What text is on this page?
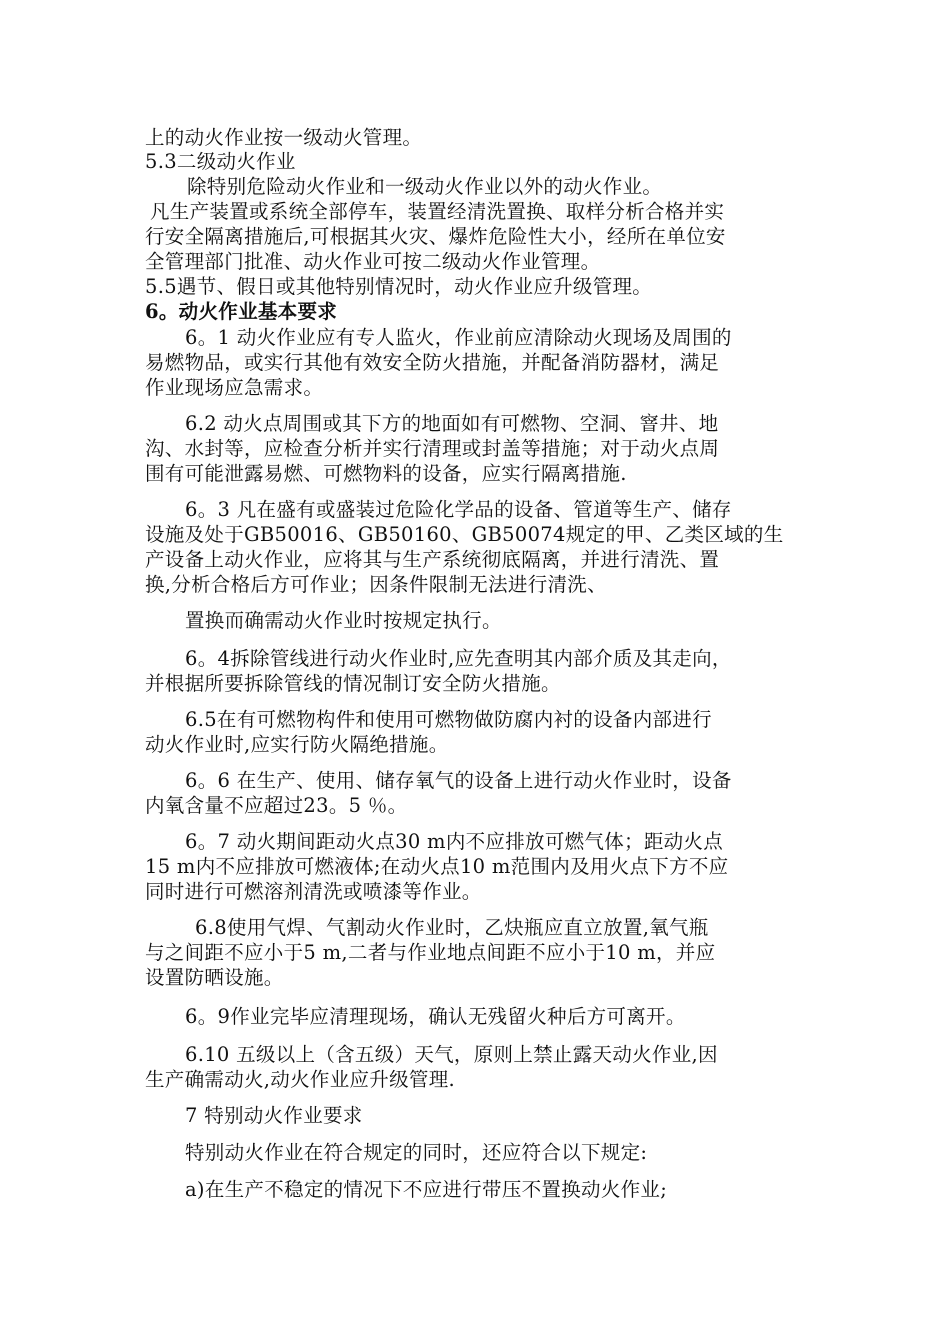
上的动火作业按一级动火管理。
5.3二级动火作业
除特别危险动火作业和一级动火作业以外的动火作业。
凡生产装置或系统全部停车，装置经清洗置换、取样分析合格并实
行安全隔离措施后,可根据其火灾、爆炸危险性大小，经所在单位安
全管理部门批准、动火作业可按二级动火作业管理。
5.5遇节、假日或其他特别情况时，动火作业应升级管理。
6。动火作业基本要求
6。1 动火作业应有专人监火，作业前应清除动火现场及周围的
易燃物品，或实行其他有效安全防火措施，并配备消防器材，满足
作业现场应急需求。
6.2 动火点周围或其下方的地面如有可燃物、空洞、窨井、地
沟、水封等，应检查分析并实行清理或封盖等措施；对于动火点周
围有可能泄露易燃、可燃物料的设备，应实行隔离措施.
6。3 凡在盛有或盛装过危险化学品的设备、管道等生产、储存
设施及处于GB50016、GB50160、GB50074规定的甲、乙类区域的生
产设备上动火作业，应将其与生产系统彻底隔离，并进行清洗、置
换,分析合格后方可作业；因条件限制无法进行清洗、
置换而确需动火作业时按规定执行。
6。4拆除管线进行动火作业时,应先查明其内部介质及其走向，
并根据所要拆除管线的情况制订安全防火措施。
6.5在有可燃物构件和使用可燃物做防腐内衬的设备内部进行
动火作业时,应实行防火隔绝措施。
6。6 在生产、使用、储存氧气的设备上进行动火作业时，设备
内氧含量不应超过23。5 ％。
6。7 动火期间距动火点30 m内不应排放可燃气体；距动火点
15 m内不应排放可燃液体;在动火点10 m范围内及用火点下方不应
同时进行可燃溶剂清洗或喷漆等作业。
6.8使用气焊、气割动火作业时，乙炔瓶应直立放置,氧气瓶
与之间距不应小于5 m,二者与作业地点间距不应小于10 m，并应
设置防晒设施。
6。9作业完毕应清理现场，确认无残留火种后方可离开。
6.10 五级以上（含五级）天气，原则上禁止露天动火作业,因
生产确需动火,动火作业应升级管理.
7 特别动火作业要求
特别动火作业在符合规定的同时，还应符合以下规定:
a)在生产不稳定的情况下不应进行带压不置换动火作业;
